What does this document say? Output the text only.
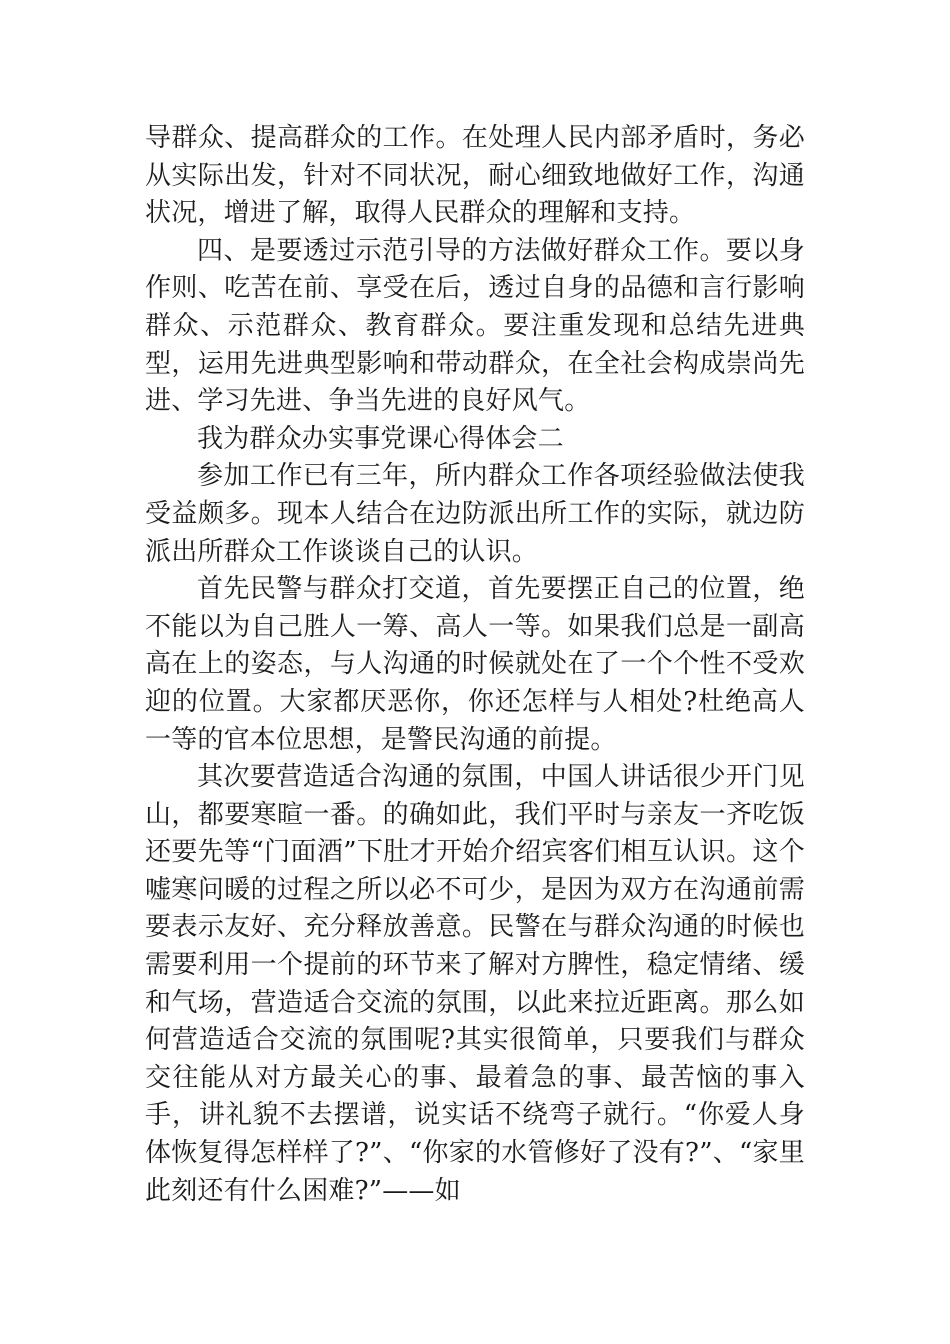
导群众、提高群众的工作。在处理人民内部矛盾时，务必从实际出发，针对不同状况，耐心细致地做好工作，沟通状况，增进了解，取得人民群众的理解和支持。

四、是要透过示范引导的方法做好群众工作。要以身作则、吃苦在前、享受在后，透过自身的品德和言行影响群众、示范群众、教育群众。要注重发现和总结先进典型，运用先进典型影响和带动群众，在全社会构成崇尚先进、学习先进、争当先进的良好风气。

我为群众办实事党课心得体会二

参加工作已有三年，所内群众工作各项经验做法使我受益颇多。现本人结合在边防派出所工作的实际，就边防派出所群众工作谈谈自己的认识。

首先民警与群众打交道，首先要摆正自己的位置，绝不能以为自己胜人一筹、高人一等。如果我们总是一副高高在上的姿态，与人沟通的时候就处在了一个个性不受欢迎的位置。大家都厌恶你，你还怎样与人相处?杜绝高人一等的官本位思想，是警民沟通的前提。

其次要营造适合沟通的氛围，中国人讲话很少开门见山，都要寒暄一番。的确如此，我们平时与亲友一齐吃饭还要先等“门面酒”下肚才开始介绍宾客们相互认识。这个嘘寒问暖的过程之所以必不可少，是因为双方在沟通前需要表示友好、充分释放善意。民警在与群众沟通的时候也需要利用一个提前的环节来了解对方脾性，稳定情绪、缓和气场，营造适合交流的氛围，以此来拉近距离。那么如何营造适合交流的氛围呢?其实很简单，只要我们与群众交往能从对方最关心的事、最着急的事、最苦恼的事入手，讲礼貌不去摆谱，说实话不绕弯子就行。“你爱人身体恢复得怎样样了?”、“你家的水管修好了没有?”、“家里此刻还有什么困难?”——如
